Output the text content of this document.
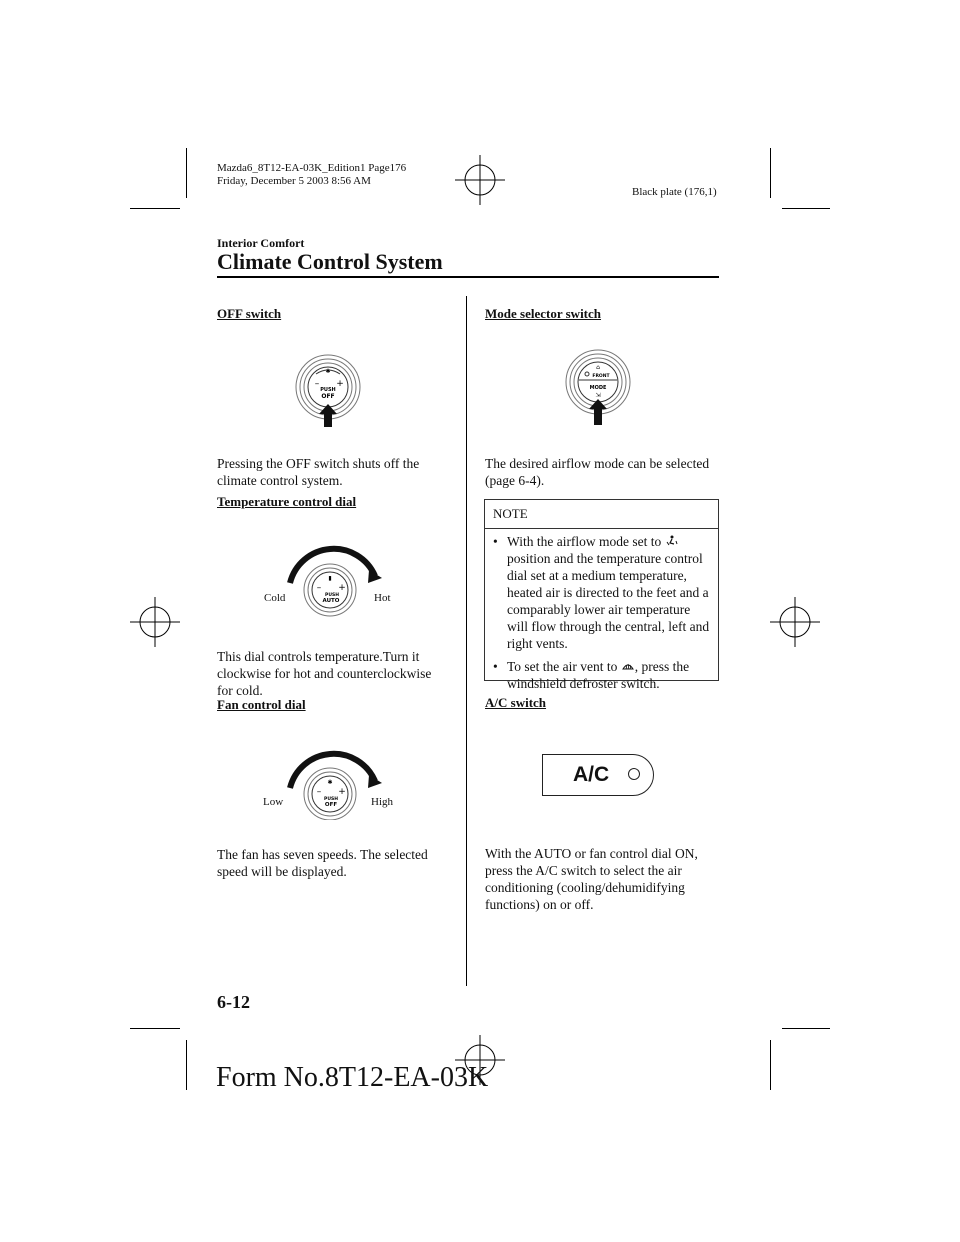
Mazda6_8T12-EA-03K_Edition1 Page176
Friday, December 5 2003 8:56 AM
Black plate (176,1)
Interior Comfort
Climate Control System
OFF switch
✱
– +
PUSH
OFF
Pressing the OFF switch shuts off the
climate control system.
Temperature control dial
▮
– +
PUSH
AUTO
Cold	Hot
This dial controls temperature.Turn it
clockwise for hot and counterclockwise
for cold.
Fan control dial
✱
– +
PUSH
OFF
Low	High
The fan has seven speeds. The selected
speed will be displayed.
Mode selector switch
⌂
FRONT
MODE
⇲
The desired airflow mode can be selected
(page 6-4).
NOTE
• With the airflow mode set to
position and the temperature control
dial set at a medium temperature,
heated air is directed to the feet and a
comparably lower air temperature
will flow through the central, left and
right vents.
• To set the air vent to , press the
windshield defroster switch.
A/C switch
A/C
With the AUTO or fan control dial ON,
press the A/C switch to select the air
conditioning (cooling/dehumidifying
functions) on or off.
6-12
Form No.8T12-EA-03K
